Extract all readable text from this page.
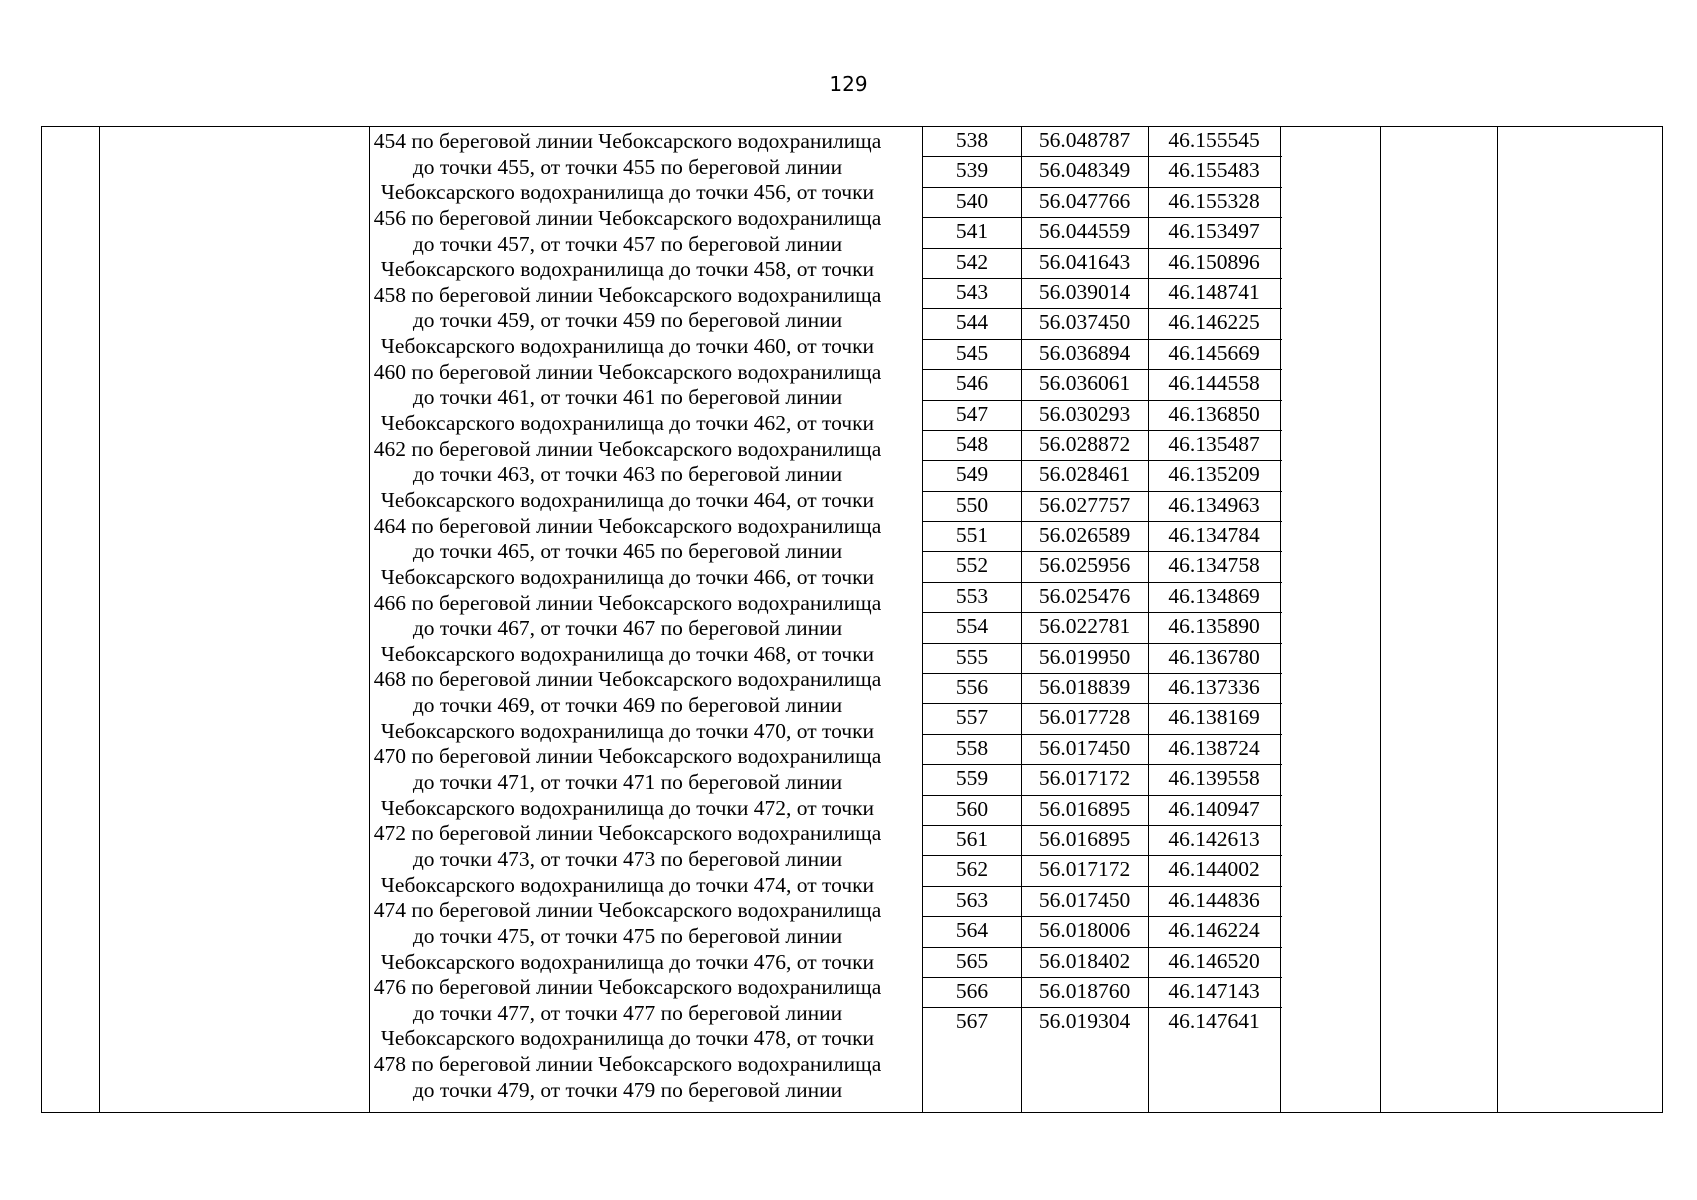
129
454 по береговой линии Чебоксарского водохранилища
до точки 455, от точки 455 по береговой линии
Чебоксарского водохранилища до точки 456, от точки
456 по береговой линии Чебоксарского водохранилища
до точки 457, от точки 457 по береговой линии
Чебоксарского водохранилища до точки 458, от точки
458 по береговой линии Чебоксарского водохранилища
до точки 459, от точки 459 по береговой линии
Чебоксарского водохранилища до точки 460, от точки
460 по береговой линии Чебоксарского водохранилища
до точки 461, от точки 461 по береговой линии
Чебоксарского водохранилища до точки 462, от точки
462 по береговой линии Чебоксарского водохранилища
до точки 463, от точки 463 по береговой линии
Чебоксарского водохранилища до точки 464, от точки
464 по береговой линии Чебоксарского водохранилища
до точки 465, от точки 465 по береговой линии
Чебоксарского водохранилища до точки 466, от точки
466 по береговой линии Чебоксарского водохранилища
до точки 467, от точки 467 по береговой линии
Чебоксарского водохранилища до точки 468, от точки
468 по береговой линии Чебоксарского водохранилища
до точки 469, от точки 469 по береговой линии
Чебоксарского водохранилища до точки 470, от точки
470 по береговой линии Чебоксарского водохранилища
до точки 471, от точки 471 по береговой линии
Чебоксарского водохранилища до точки 472, от точки
472 по береговой линии Чебоксарского водохранилища
до точки 473, от точки 473 по береговой линии
Чебоксарского водохранилища до точки 474, от точки
474 по береговой линии Чебоксарского водохранилища
до точки 475, от точки 475 по береговой линии
Чебоксарского водохранилища до точки 476, от точки
476 по береговой линии Чебоксарского водохранилища
до точки 477, от точки 477 по береговой линии
Чебоксарского водохранилища до точки 478, от точки
478 по береговой линии Чебоксарского водохранилища
до точки 479, от точки 479 по береговой линии
538	56.048787	46.155545
539	56.048349	46.155483
540	56.047766	46.155328
541	56.044559	46.153497
542	56.041643	46.150896
543	56.039014	46.148741
544	56.037450	46.146225
545	56.036894	46.145669
546	56.036061	46.144558
547	56.030293	46.136850
548	56.028872	46.135487
549	56.028461	46.135209
550	56.027757	46.134963
551	56.026589	46.134784
552	56.025956	46.134758
553	56.025476	46.134869
554	56.022781	46.135890
555	56.019950	46.136780
556	56.018839	46.137336
557	56.017728	46.138169
558	56.017450	46.138724
559	56.017172	46.139558
560	56.016895	46.140947
561	56.016895	46.142613
562	56.017172	46.144002
563	56.017450	46.144836
564	56.018006	46.146224
565	56.018402	46.146520
566	56.018760	46.147143
567	56.019304	46.147641
